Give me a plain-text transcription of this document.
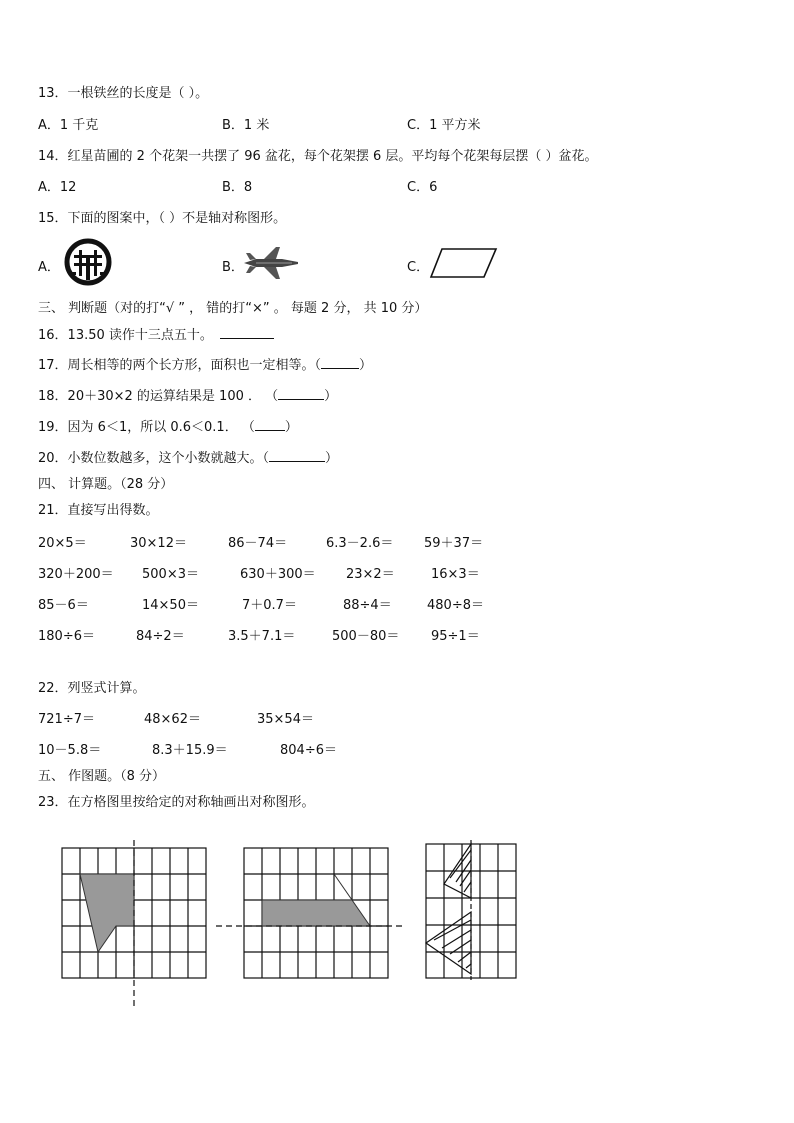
13．一根铁丝的长度是（ ）。
A．1 千克	B．1 米	C．1 平方米
14．红星苗圃的 2 个花架一共摆了 96 盆花，每个花架摆 6 层。平均每个花架每层摆（ ）盆花。
A．12	B．8	C．6
15．下面的图案中，（ ）不是轴对称图形。
A．	B．	C．
三、 判断题（对的打“√ ” ， 错的打“×” 。 每题 2 分， 共 10 分）
16．13.50 读作十三点五十。
17．周长相等的两个长方形，面积也一定相等。（	）
18．20＋30×2 的运算结果是 100 ． （	）
19．因为 6＜1，所以 0.6＜0.1． （ ）
20．小数位数越多，这个小数就越大。（	）
四、 计算题。（28 分）
21．直接写出得数。
20×5＝	30×12＝	86－74＝	6.3－2.6＝ 59＋37＝
320＋200＝ 500×3＝	630＋300＝ 23×2＝	16×3＝
85－6＝	14×50＝	7＋0.7＝	88÷4＝	480÷8＝
180÷6＝	84÷2＝	3.5＋7.1＝	500－80＝ 95÷1＝
22．列竖式计算。
721÷7＝	48×62＝	35×54＝
10－5.8＝	8.3＋15.9＝	804÷6＝
五、 作图题。（8 分）
23．在方格图里按给定的对称轴画出对称图形。
